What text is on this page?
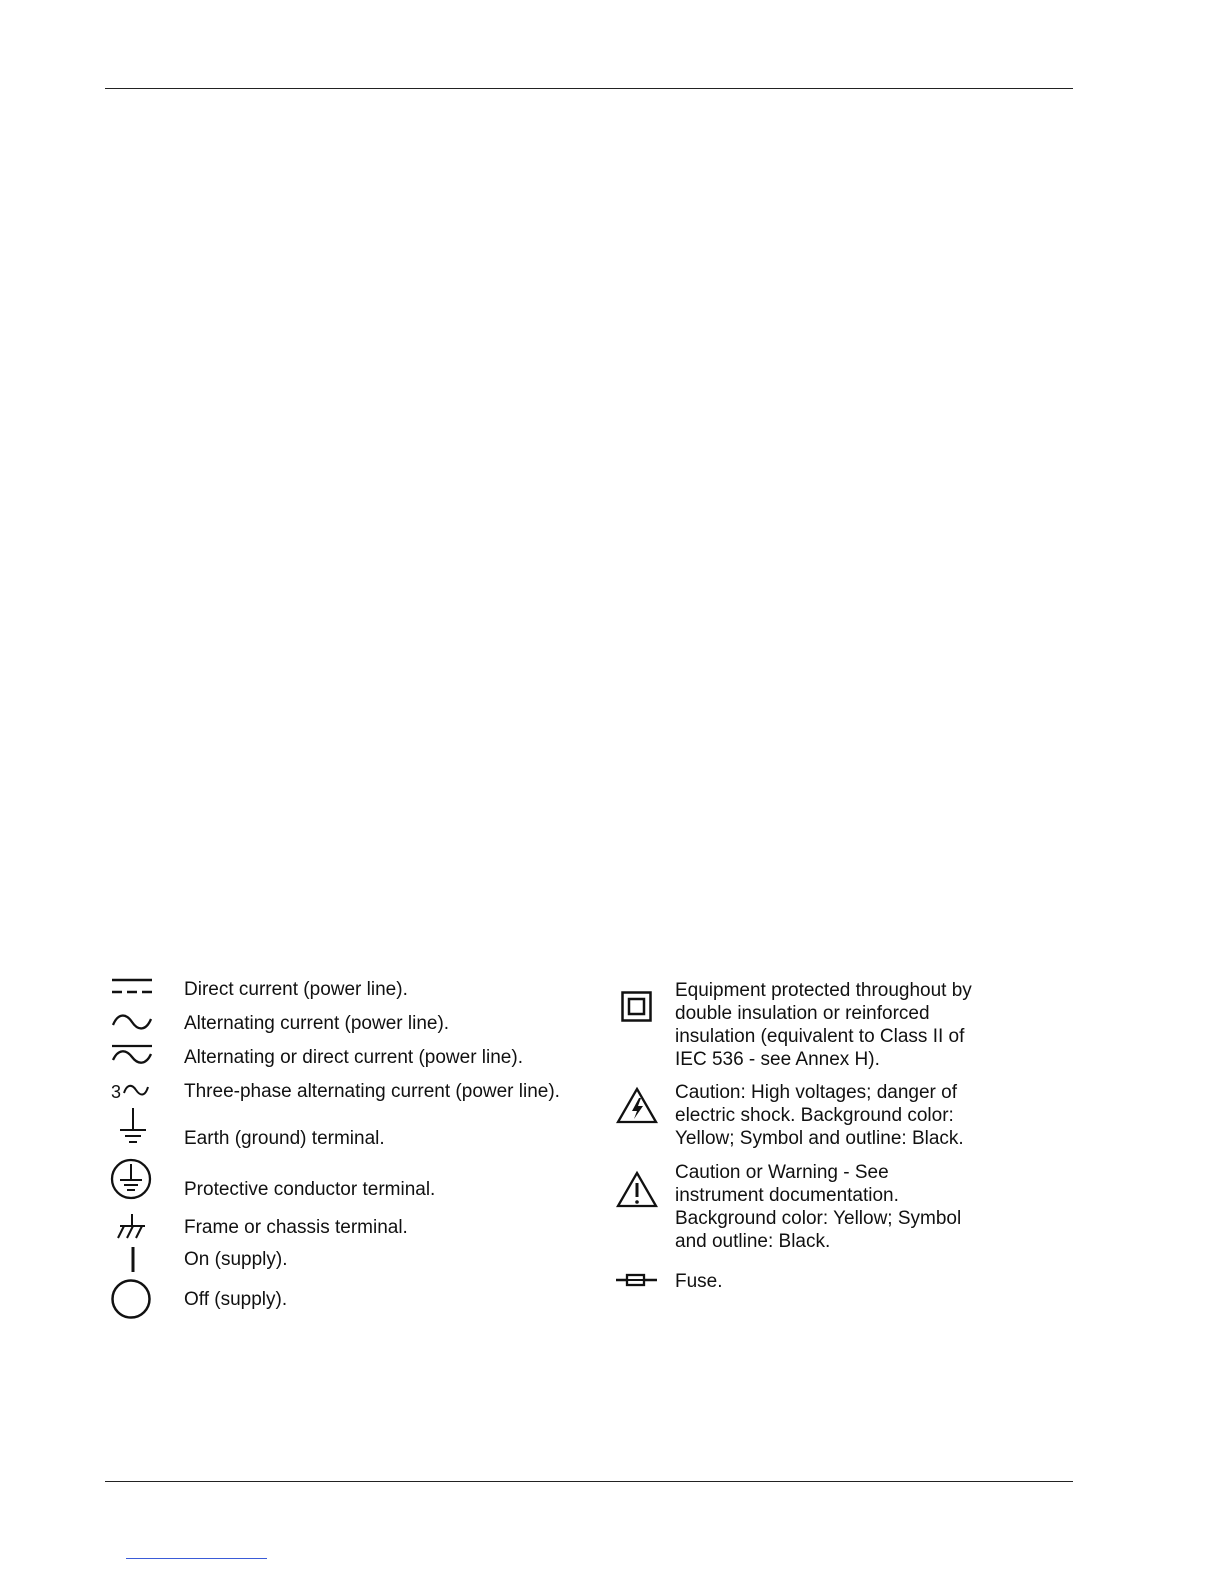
Direct current (power line).
Alternating current (power line).
Alternating or direct current (power line).
3	Three-phase alternating current (power line).
Earth (ground) terminal.
Protective conductor terminal.
Frame or chassis terminal.
On (supply).
Off (supply).
Equipment protected throughout by
double insulation or reinforced
insulation (equivalent to Class II of
IEC 536 - see Annex H).
Caution: High voltages; danger of
electric shock. Background color:
Yellow; Symbol and outline: Black.
Caution or Warning - See
instrument documentation.
Background color: Yellow; Symbol
and outline: Black.
Fuse.
